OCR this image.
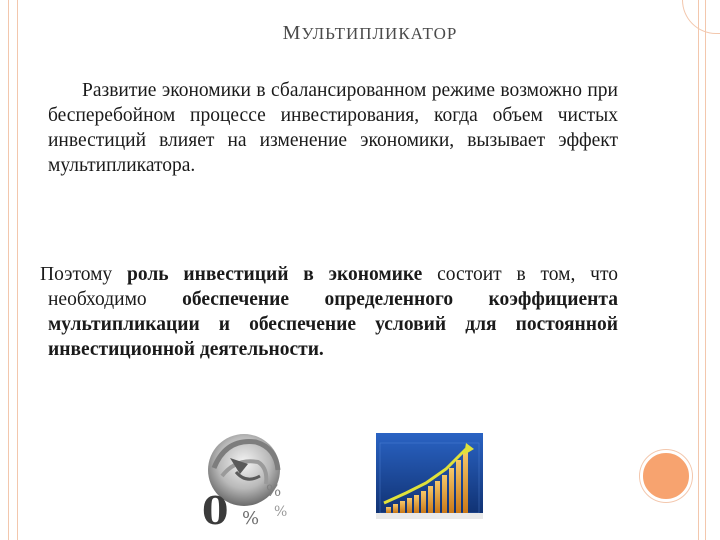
МУЛЬТИПЛИКАТОР
Развитие экономики в сбалансированном режиме возможно при бесперебойном процессе инвестирования, когда объем чистых инвестиций влияет на изменение экономики, вызывает эффект мультипликатора.
Поэтому роль инвестиций в экономике состоит в том, что необходимо обеспечение определенного коэффициента мультипликации и обеспечение условий для постоянной инвестиционной деятельности.
0 %
%
%
